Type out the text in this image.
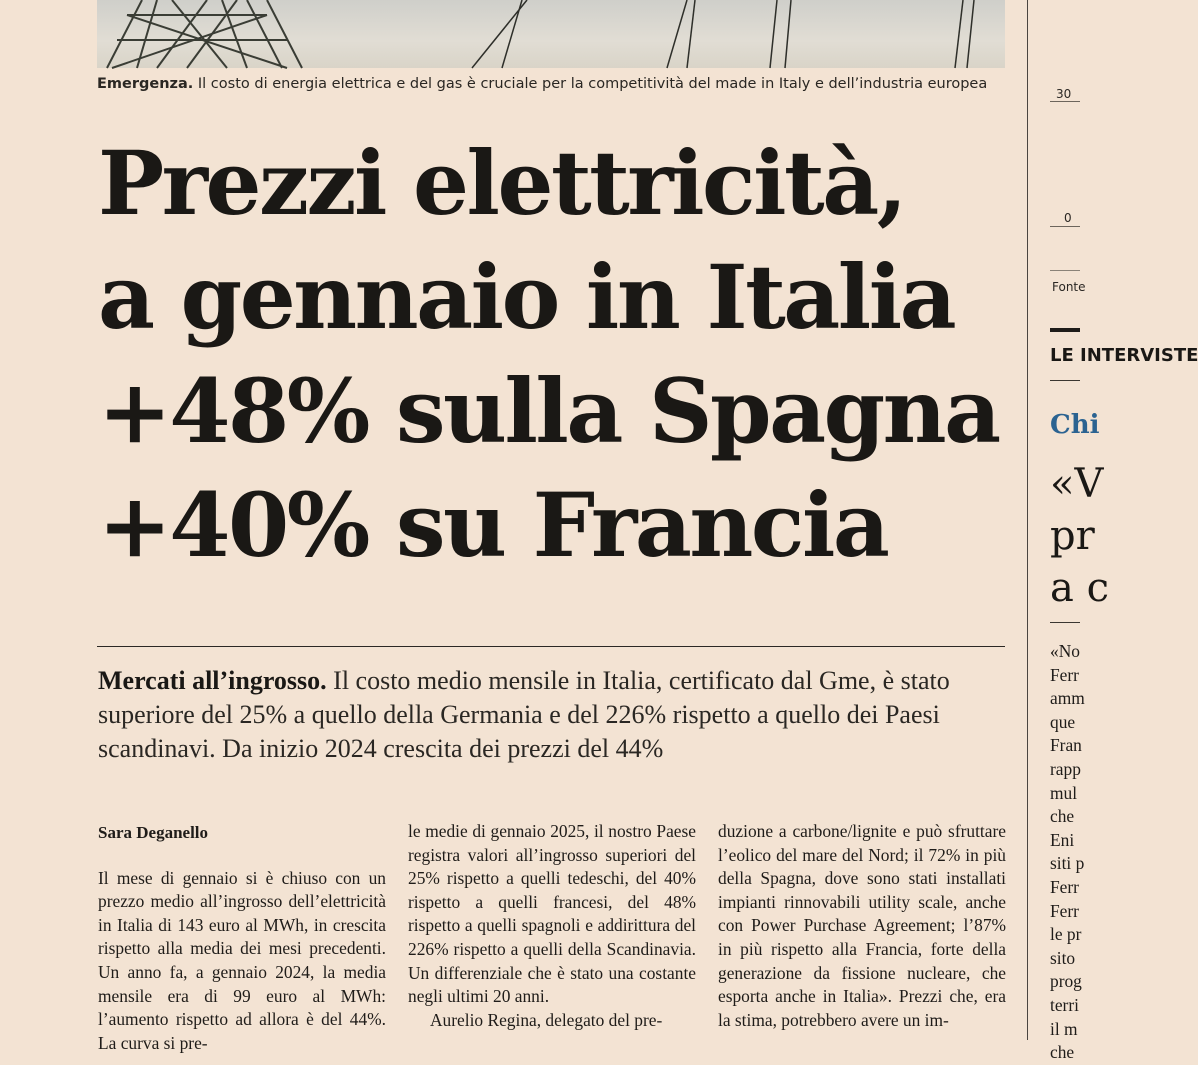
Emergenza. Il costo di energia elettrica e del gas è cruciale per la competitività del made in Italy e dell’industria europea
Prezzi elettricità,
a gennaio in Italia
+48% sulla Spagna
+40% su Francia
Mercati all’ingrosso. Il costo medio mensile in Italia, certificato dal Gme, è stato superiore del 25% a quello della Germania e del 226% rispetto a quello dei Paesi scandinavi. Da inizio 2024 crescita dei prezzi del 44%
Sara Deganello

Il mese di gennaio si è chiuso con un prezzo medio all’ingrosso dell’elettricità in Italia di 143 euro al MWh, in crescita rispetto alla media dei mesi precedenti. Un anno fa, a gennaio 2024, la media mensile era di 99 euro al MWh: l’aumento rispetto ad allora è del 44%. La curva si pre-

le medie di gennaio 2025, il nostro Paese registra valori all’ingrosso superiori del 25% rispetto a quelli tedeschi, del 40% rispetto a quelli francesi, del 48% rispetto a quelli spagnoli e addirittura del 226% rispetto a quelli della Scandinavia. Un differenziale che è stato una costante negli ultimi 20 anni.

Aurelio Regina, delegato del pre-

duzione a carbone/lignite e può sfruttare l’eolico del mare del Nord; il 72% in più della Spagna, dove sono stati installati impianti rinnovabili utility scale, anche con Power Purchase Agreement; l’87% in più rispetto alla Francia, forte della generazione da fissione nucleare, che esporta anche in Italia». Prezzi che, era la stima, potrebbero avere un im-

30
0
Fonte
LE INTERVISTE
Chi
«V
pr
a c
«No
Ferr
amm
que
Fran
rapp
mul
che
Eni
siti p
Ferr
Ferr
le pr
sito
prog
terri
il m
che
